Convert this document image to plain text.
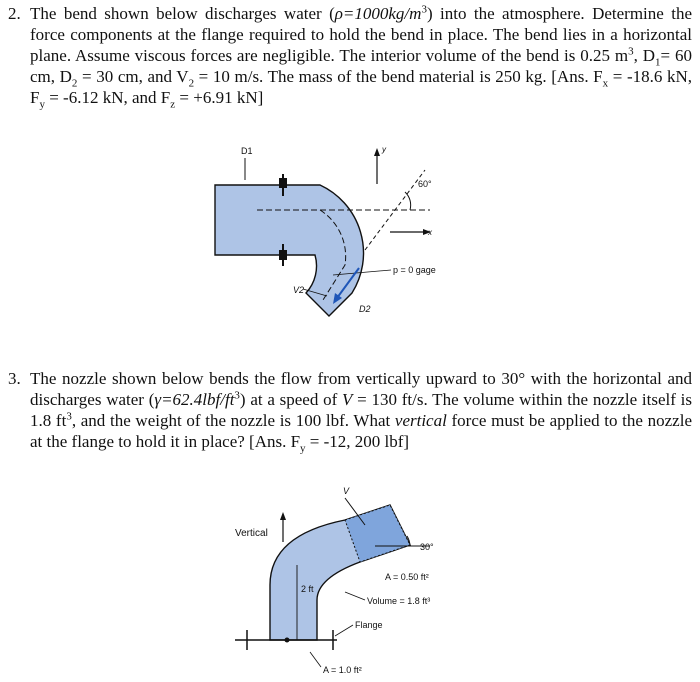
2. The bend shown below discharges water $(\rho=1000kg/m^3)$ into the atmosphere. Determine the force components at the flange required to hold the bend in place. The bend lies in a horizontal plane. Assume viscous forces are negligible. The interior volume of the bend is 0.25 $m^3$, $D_1= 60$ cm, $D_2 = 30$ cm, and $V_2 = 10$ m/s. The mass of the bend material is 250 kg. [Ans. $F_x = -18.6$ kN, $F_y = -6.12$ kN, and $F_z = +6.91$ kN]
D1	y
60°
x
p = 0 gage
V2
D2
3. The nozzle shown below bends the flow from vertically upward to 30° with the horizontal and discharges water $(\gamma=62.4lbf/ft^3)$ at a speed of V = 130 ft/s. The volume within the nozzle itself is 1.8 $ft^3$, and the weight of the nozzle is 100 lbf. What vertical force must be applied to the nozzle at the flange to hold it in place? [Ans. $F_y = -12$, 200 lbf]
2 ft
Vertical
V
30°
A = 0.50 ft²
Volume = 1.8 ft³
Flange
A = 1.0 ft²
